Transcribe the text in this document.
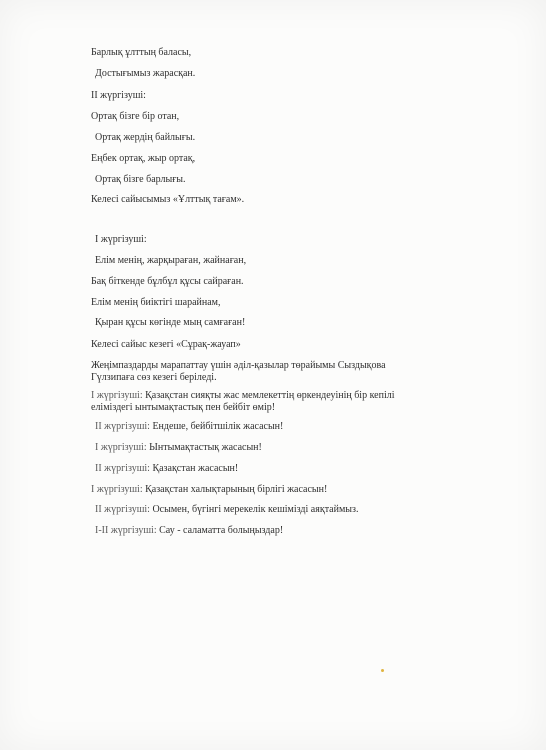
Барлық ұлттың баласы,
Достығымыз жарасқан.
ІІ жүргізуші:
Ортақ бізге бір отан,
Ортақ жердің байлығы.
Еңбек ортақ, жыр ортақ,
Ортақ бізге барлығы.
Келесі сайысымыз «Ұлттық тағам».
І жүргізуші:
Елім менің, жарқыраған, жайнаған,
Бақ біткенде бұлбұл құсы сайраған.
Елім менің биіктігі шарайнам,
Қыран құсы көгінде мың самғаған!
Келесі сайыс кезегі «Сұрақ-жауап»
Жеңімпаздарды марапаттау үшін әділ-қазылар төрайымы Сыздықова Гүлзипаға сөз кезегі беріледі.
І жүргізуші: Қазақстан сияқты жас мемлекеттің өркендеуінің бір кепілі еліміздегі ынтымақтастық пен бейбіт өмір!
ІІ жүргізуші: Ендеше, бейбітшілік жасасын!
І жүргізуші: Ынтымақтастық жасасын!
ІІ жүргізуші: Қазақстан жасасын!
І жүргізуші: Қазақстан халықтарының бірлігі жасасын!
ІІ жүргізуші: Осымен, бүгінгі мерекелік кешімізді аяқтаймыз.
І-ІІ жүргізуші: Сау - саламатта болыңыздар!
